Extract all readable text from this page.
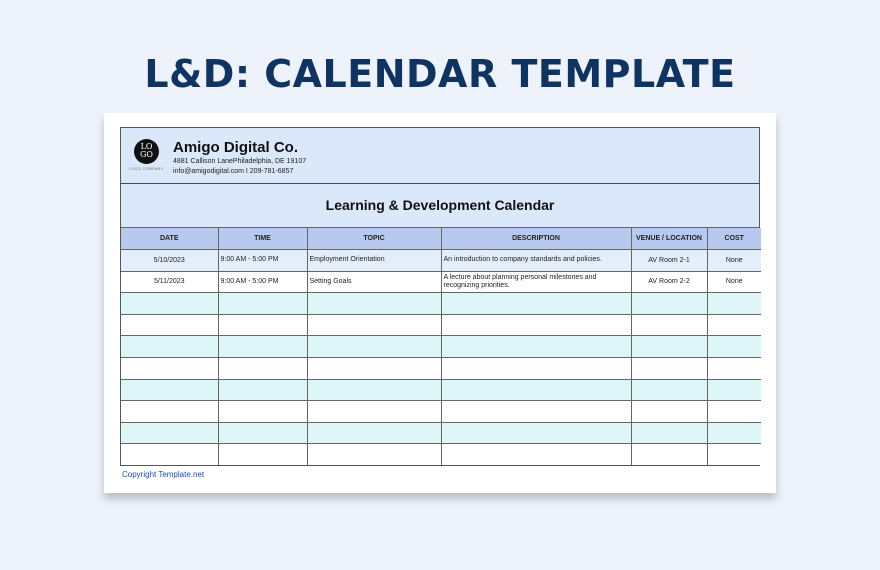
L&D: CALENDAR TEMPLATE
LO
GO
LOGO COMPANY
Amigo Digital Co.
4881 Callison LanePhiladelphia, DE 19107
info@amigodigital.com I 209-781-6857
Learning & Development Calendar
DATE	TIME	TOPIC	DESCRIPTION	VENUE / LOCATION	COST
5/10/2023	9:00 AM - 5:00 PM	Employment Orientation	An introduction to company standards and policies.	AV Room 2-1	None
5/11/2023	9:00 AM - 5:00 PM	Setting Goals	A lecture about planning personal milestones and recognizing priorities.	AV Room 2-2	None

Copyright Template.net
